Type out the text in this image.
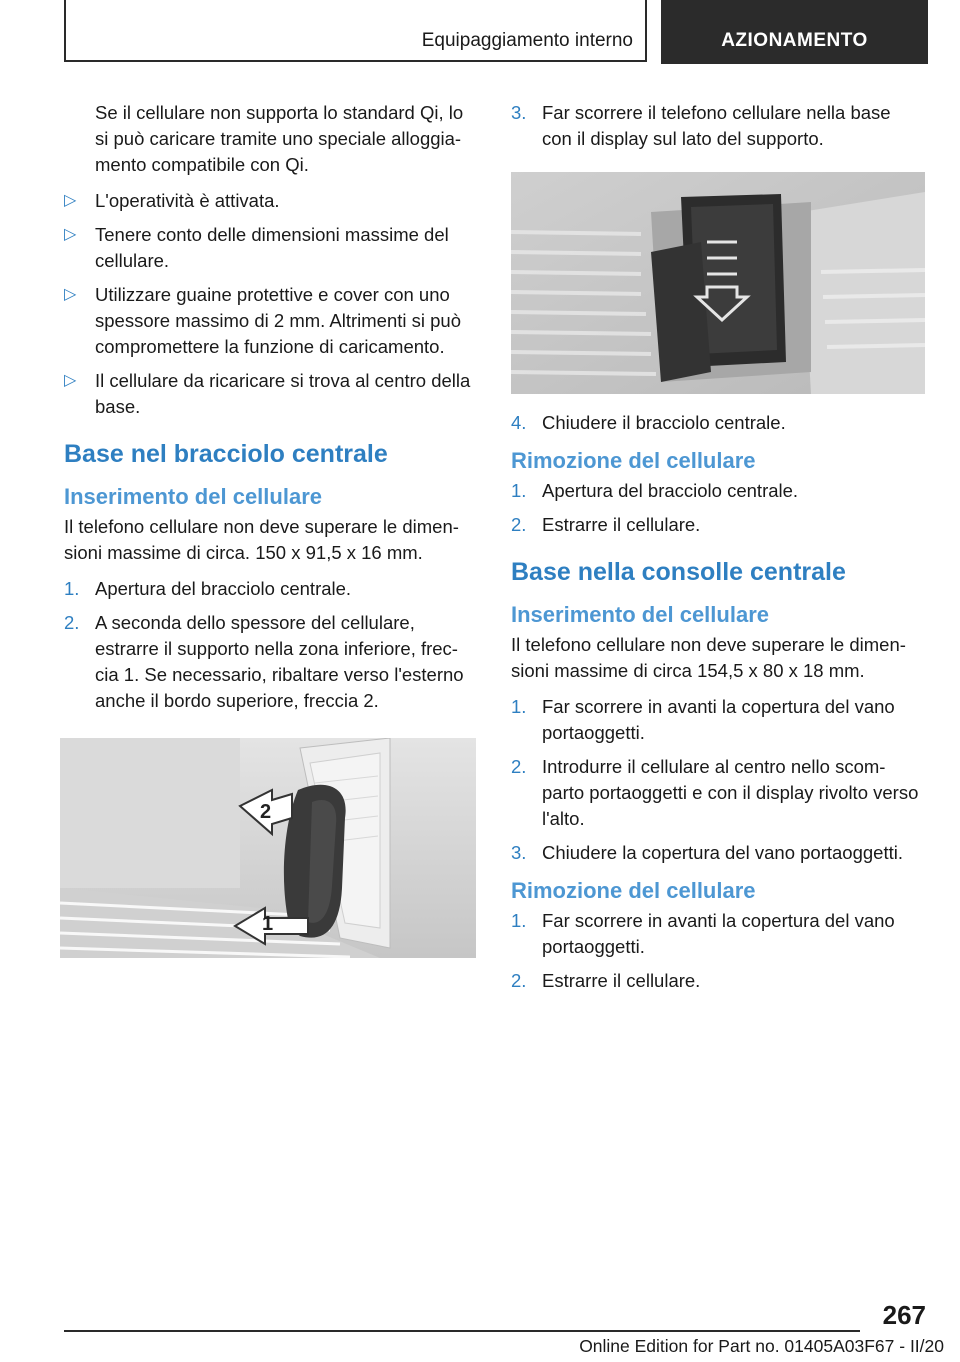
Equipaggiamento interno	AZIONAMENTO

Se il cellulare non supporta lo standard Qi, lo si può caricare tramite uno speciale alloggia-mento compatibile con Qi.

▷ L'operatività è attivata.
▷ Tenere conto delle dimensioni massime del cellulare.
▷ Utilizzare guaine protettive e cover con uno spessore massimo di 2 mm. Altrimenti si può compromettere la funzione di caricamento.
▷ Il cellulare da ricaricare si trova al centro della base.
Base nel bracciolo centrale
Inserimento del cellulare

Il telefono cellulare non deve superare le dimen-sioni massime di circa. 150 x 91,5 x 16 mm.

1. Apertura del bracciolo centrale.
2. A seconda dello spessore del cellulare, estrarre il supporto nella zona inferiore, frec-cia 1. Se necessario, ribaltare verso l'esterno anche il bordo superiore, freccia 2.
2
1
3. Far scorrere il telefono cellulare nella base con il display sul lato del supporto.
4. Chiudere il bracciolo centrale.
Rimozione del cellulare
1. Apertura del bracciolo centrale.
2. Estrarre il cellulare.
Base nella consolle centrale
Inserimento del cellulare

Il telefono cellulare non deve superare le dimen-sioni massime di circa 154,5 x 80 x 18 mm.

1. Far scorrere in avanti la copertura del vano portaoggetti.
2. Introdurre il cellulare al centro nello scom-parto portaoggetti e con il display rivolto verso l'alto.
3. Chiudere la copertura del vano portaoggetti.
Rimozione del cellulare
1. Far scorrere in avanti la copertura del vano portaoggetti.
2. Estrarre il cellulare.
267
Online Edition for Part no. 01405A03F67 - II/20
